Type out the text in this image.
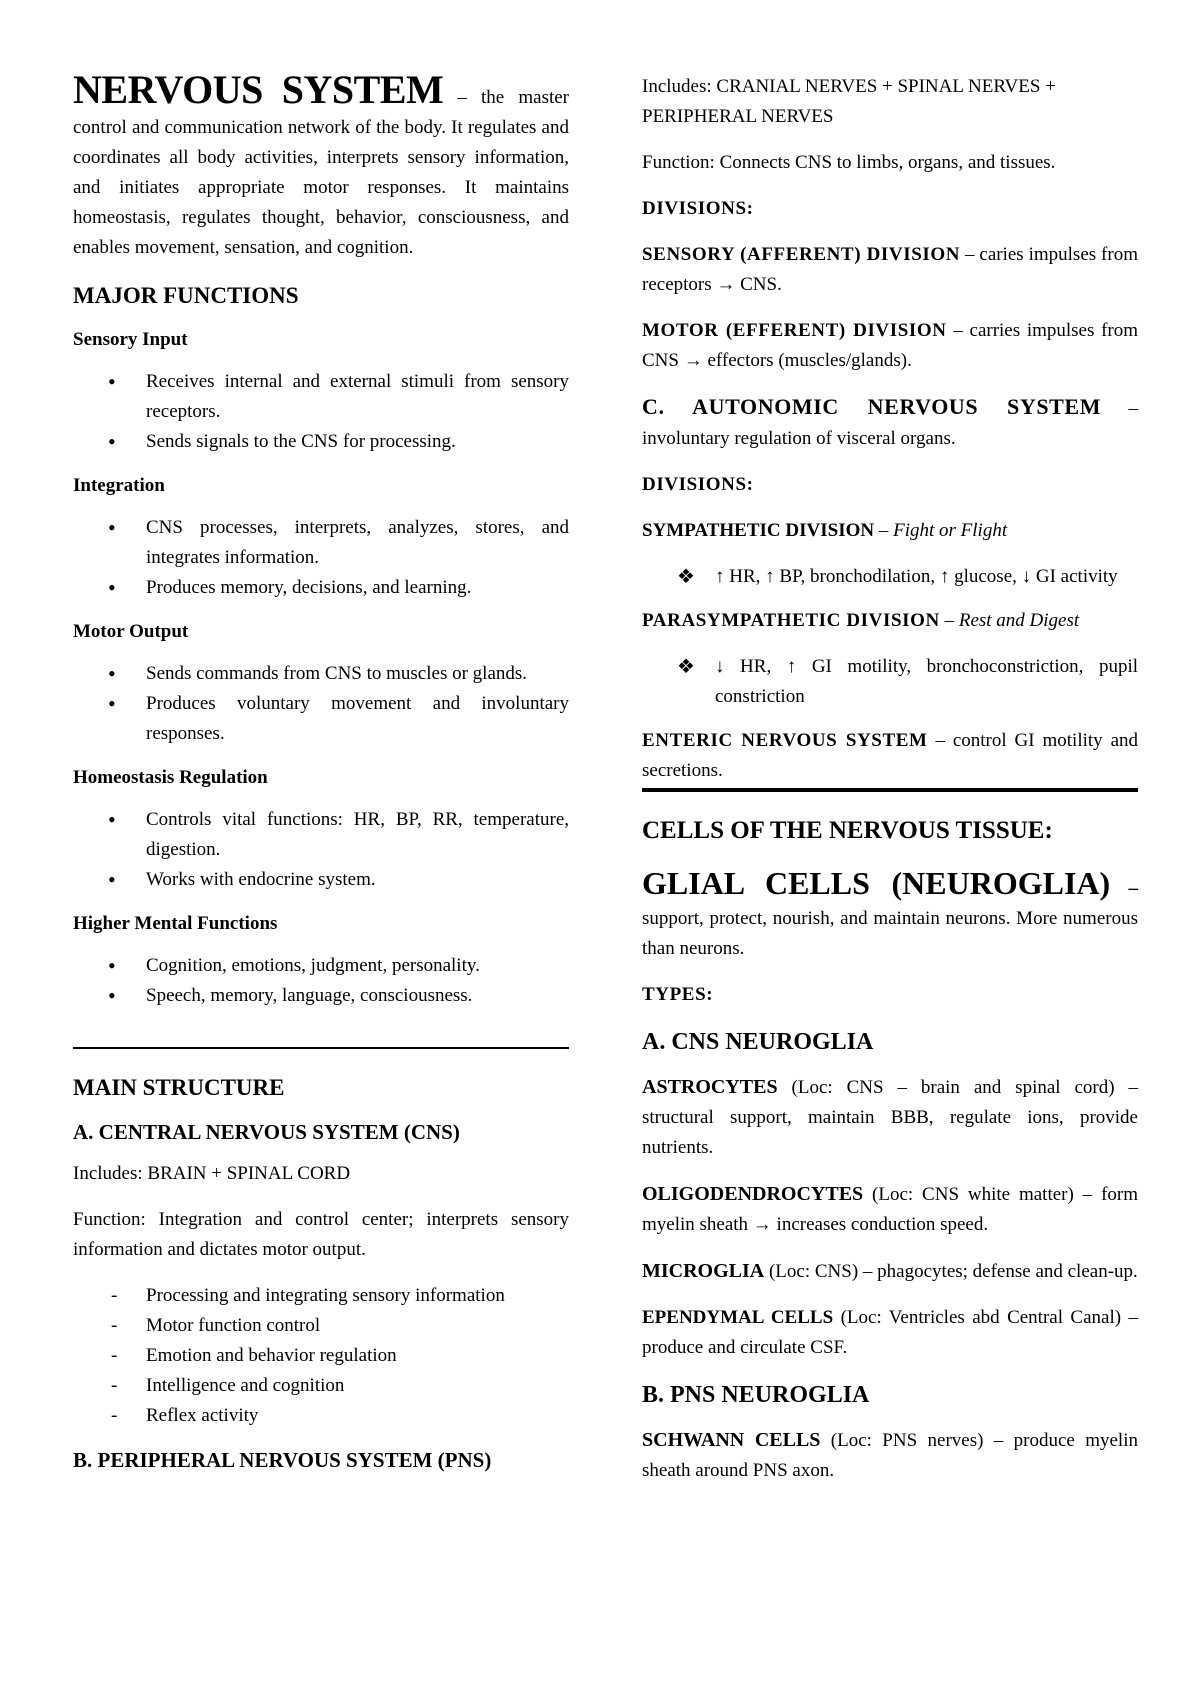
NERVOUS SYSTEM – the master control and communication network of the body. It regulates and coordinates all body activities, interprets sensory information, and initiates appropriate motor responses. It maintains homeostasis, regulates thought, behavior, consciousness, and enables movement, sensation, and cognition.

MAJOR FUNCTIONS
Sensory Input
• Receives internal and external stimuli from sensory receptors.
• Sends signals to the CNS for processing.
Integration
• CNS processes, interprets, analyzes, stores, and integrates information.
• Produces memory, decisions, and learning.
Motor Output
• Sends commands from CNS to muscles or glands.
• Produces voluntary movement and involuntary responses.
Homeostasis Regulation
• Controls vital functions: HR, BP, RR, temperature, digestion.
• Works with endocrine system.
Higher Mental Functions
• Cognition, emotions, judgment, personality.
• Speech, memory, language, consciousness.
MAIN STRUCTURE
A. CENTRAL NERVOUS SYSTEM (CNS)

Includes: BRAIN + SPINAL CORD

Function: Integration and control center; interprets sensory information and dictates motor output.

- Processing and integrating sensory information
- Motor function control
- Emotion and behavior regulation
- Intelligence and cognition
- Reflex activity
B. PERIPHERAL NERVOUS SYSTEM (PNS)

Includes: CRANIAL NERVES + SPINAL NERVES + PERIPHERAL NERVES

Function: Connects CNS to limbs, organs, and tissues.

DIVISIONS:

SENSORY (AFFERENT) DIVISION – caries impulses from receptors → CNS.

MOTOR (EFFERENT) DIVISION – carries impulses from CNS → effectors (muscles/glands).

C. AUTONOMIC NERVOUS SYSTEM – involuntary regulation of visceral organs.

DIVISIONS:

SYMPATHETIC DIVISION – Fight or Flight

❖ ↑ HR, ↑ BP, bronchodilation, ↑ glucose, ↓ GI activity

PARASYMPATHETIC DIVISION – Rest and Digest

❖ ↓ HR, ↑ GI motility, bronchoconstriction, pupil constriction

ENTERIC NERVOUS SYSTEM – control GI motility and secretions.

CELLS OF THE NERVOUS TISSUE:

GLIAL CELLS (NEUROGLIA) – support, protect, nourish, and maintain neurons. More numerous than neurons.

TYPES:

A. CNS NEUROGLIA

ASTROCYTES (Loc: CNS – brain and spinal cord) – structural support, maintain BBB, regulate ions, provide nutrients.

OLIGODENDROCYTES (Loc: CNS white matter) – form myelin sheath → increases conduction speed.

MICROGLIA (Loc: CNS) – phagocytes; defense and clean-up.

EPENDYMAL CELLS (Loc: Ventricles abd Central Canal) – produce and circulate CSF.

B. PNS NEUROGLIA

SCHWANN CELLS (Loc: PNS nerves) – produce myelin sheath around PNS axon.
